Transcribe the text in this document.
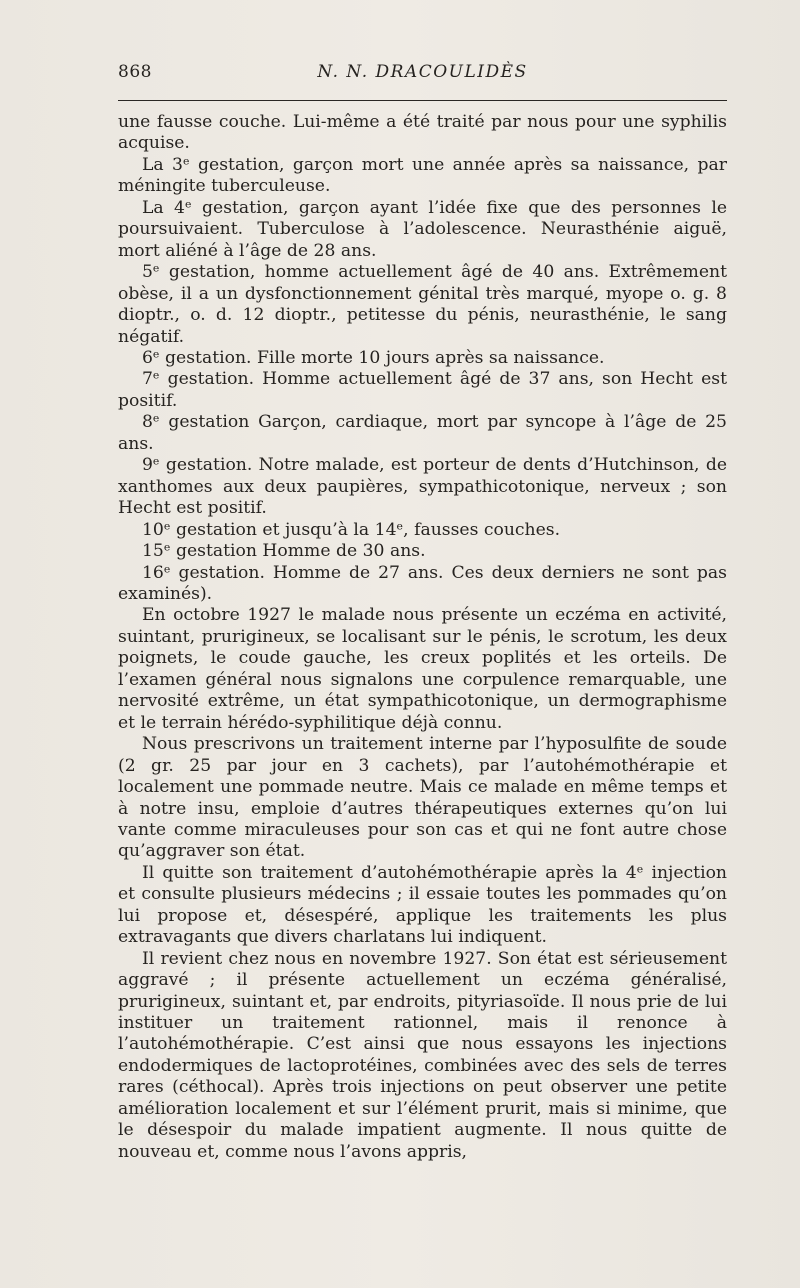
868	N. N. DRACOULIDÈS

une fausse couche. Lui-même a été traité par nous pour une syphilis acquise.

La 3ᵉ gestation, garçon mort une année après sa naissance, par méningite tuberculeuse.

La 4ᵉ gestation, garçon ayant l’idée fixe que des personnes le poursuivaient. Tuberculose à l’adolescence. Neurasthénie aiguë, mort aliéné à l’âge de 28 ans.

5ᵉ gestation, homme actuellement âgé de 40 ans. Extrêmement obèse, il a un dysfonctionnement génital très marqué, myope o. g. 8 dioptr., o. d. 12 dioptr., petitesse du pénis, neurasthénie, le sang négatif.

6ᵉ gestation. Fille morte 10 jours après sa naissance.

7ᵉ gestation. Homme actuellement âgé de 37 ans, son Hecht est positif.

8ᵉ gestation Garçon, cardiaque, mort par syncope à l’âge de 25 ans.

9ᵉ gestation. Notre malade, est porteur de dents d’Hutchinson, de xanthomes aux deux paupières, sympathicotonique, nerveux ; son Hecht est positif.

10ᵉ gestation et jusqu’à la 14ᵉ, fausses couches.

15ᵉ gestation Homme de 30 ans.

16ᵉ gestation. Homme de 27 ans. Ces deux derniers ne sont pas examinés).

En octobre 1927 le malade nous présente un eczéma en activité, suintant, prurigineux, se localisant sur le pénis, le scrotum, les deux poignets, le coude gauche, les creux poplités et les orteils. De l’examen général nous signalons une corpulence remarquable, une nervosité extrême, un état sympathicotonique, un dermographisme et le terrain hérédo-syphilitique déjà connu.

Nous prescrivons un traitement interne par l’hyposulfite de soude (2 gr. 25 par jour en 3 cachets), par l’autohémothérapie et localement une pommade neutre. Mais ce malade en même temps et à notre insu, emploie d’autres thérapeutiques externes qu’on lui vante comme miraculeuses pour son cas et qui ne font autre chose qu’aggraver son état.

Il quitte son traitement d’autohémothérapie après la 4ᵉ injection et consulte plusieurs médecins ; il essaie toutes les pommades qu’on lui propose et, désespéré, applique les traitements les plus extravagants que divers charlatans lui indiquent.

Il revient chez nous en novembre 1927. Son état est sérieusement aggravé ; il présente actuellement un eczéma généralisé, prurigineux, suintant et, par endroits, pityriasoïde. Il nous prie de lui instituer un traitement rationnel, mais il renonce à l’autohémothérapie. C’est ainsi que nous essayons les injections endodermiques de lactoprotéines, combinées avec des sels de terres rares (céthocal). Après trois injections on peut observer une petite amélioration localement et sur l’élément prurit, mais si minime, que le désespoir du malade impatient augmente. Il nous quitte de nouveau et, comme nous l’avons appris,
